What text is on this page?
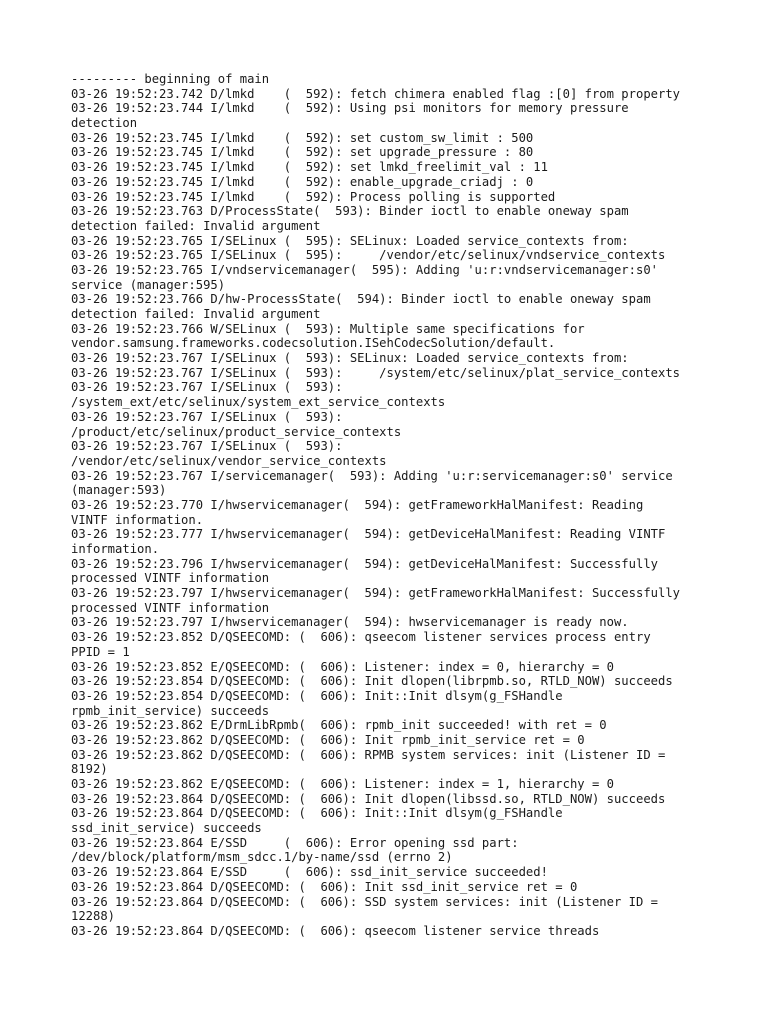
--------- beginning of main
03-26 19:52:23.742 D/lmkd    (  592): fetch chimera enabled flag :[0] from property
03-26 19:52:23.744 I/lmkd    (  592): Using psi monitors for memory pressure
detection
03-26 19:52:23.745 I/lmkd    (  592): set custom_sw_limit : 500
03-26 19:52:23.745 I/lmkd    (  592): set upgrade_pressure : 80
03-26 19:52:23.745 I/lmkd    (  592): set lmkd_freelimit_val : 11
03-26 19:52:23.745 I/lmkd    (  592): enable_upgrade_criadj : 0
03-26 19:52:23.745 I/lmkd    (  592): Process polling is supported
03-26 19:52:23.763 D/ProcessState(  593): Binder ioctl to enable oneway spam
detection failed: Invalid argument
03-26 19:52:23.765 I/SELinux (  595): SELinux: Loaded service_contexts from:
03-26 19:52:23.765 I/SELinux (  595):     /vendor/etc/selinux/vndservice_contexts
03-26 19:52:23.765 I/vndservicemanager(  595): Adding 'u:r:vndservicemanager:s0'
service (manager:595)
03-26 19:52:23.766 D/hw-ProcessState(  594): Binder ioctl to enable oneway spam
detection failed: Invalid argument
03-26 19:52:23.766 W/SELinux (  593): Multiple same specifications for
vendor.samsung.frameworks.codecsolution.ISehCodecSolution/default.
03-26 19:52:23.767 I/SELinux (  593): SELinux: Loaded service_contexts from:
03-26 19:52:23.767 I/SELinux (  593):     /system/etc/selinux/plat_service_contexts
03-26 19:52:23.767 I/SELinux (  593):
/system_ext/etc/selinux/system_ext_service_contexts
03-26 19:52:23.767 I/SELinux (  593):
/product/etc/selinux/product_service_contexts
03-26 19:52:23.767 I/SELinux (  593):
/vendor/etc/selinux/vendor_service_contexts
03-26 19:52:23.767 I/servicemanager(  593): Adding 'u:r:servicemanager:s0' service
(manager:593)
03-26 19:52:23.770 I/hwservicemanager(  594): getFrameworkHalManifest: Reading
VINTF information.
03-26 19:52:23.777 I/hwservicemanager(  594): getDeviceHalManifest: Reading VINTF
information.
03-26 19:52:23.796 I/hwservicemanager(  594): getDeviceHalManifest: Successfully
processed VINTF information
03-26 19:52:23.797 I/hwservicemanager(  594): getFrameworkHalManifest: Successfully
processed VINTF information
03-26 19:52:23.797 I/hwservicemanager(  594): hwservicemanager is ready now.
03-26 19:52:23.852 D/QSEECOMD: (  606): qseecom listener services process entry
PPID = 1
03-26 19:52:23.852 E/QSEECOMD: (  606): Listener: index = 0, hierarchy = 0
03-26 19:52:23.854 D/QSEECOMD: (  606): Init dlopen(librpmb.so, RTLD_NOW) succeeds
03-26 19:52:23.854 D/QSEECOMD: (  606): Init::Init dlsym(g_FSHandle
rpmb_init_service) succeeds
03-26 19:52:23.862 E/DrmLibRpmb(  606): rpmb_init succeeded! with ret = 0
03-26 19:52:23.862 D/QSEECOMD: (  606): Init rpmb_init_service ret = 0
03-26 19:52:23.862 D/QSEECOMD: (  606): RPMB system services: init (Listener ID =
8192)
03-26 19:52:23.862 E/QSEECOMD: (  606): Listener: index = 1, hierarchy = 0
03-26 19:52:23.864 D/QSEECOMD: (  606): Init dlopen(libssd.so, RTLD_NOW) succeeds
03-26 19:52:23.864 D/QSEECOMD: (  606): Init::Init dlsym(g_FSHandle
ssd_init_service) succeeds
03-26 19:52:23.864 E/SSD     (  606): Error opening ssd part:
/dev/block/platform/msm_sdcc.1/by-name/ssd (errno 2)
03-26 19:52:23.864 E/SSD     (  606): ssd_init_service succeeded!
03-26 19:52:23.864 D/QSEECOMD: (  606): Init ssd_init_service ret = 0
03-26 19:52:23.864 D/QSEECOMD: (  606): SSD system services: init (Listener ID =
12288)
03-26 19:52:23.864 D/QSEECOMD: (  606): qseecom listener service threads
